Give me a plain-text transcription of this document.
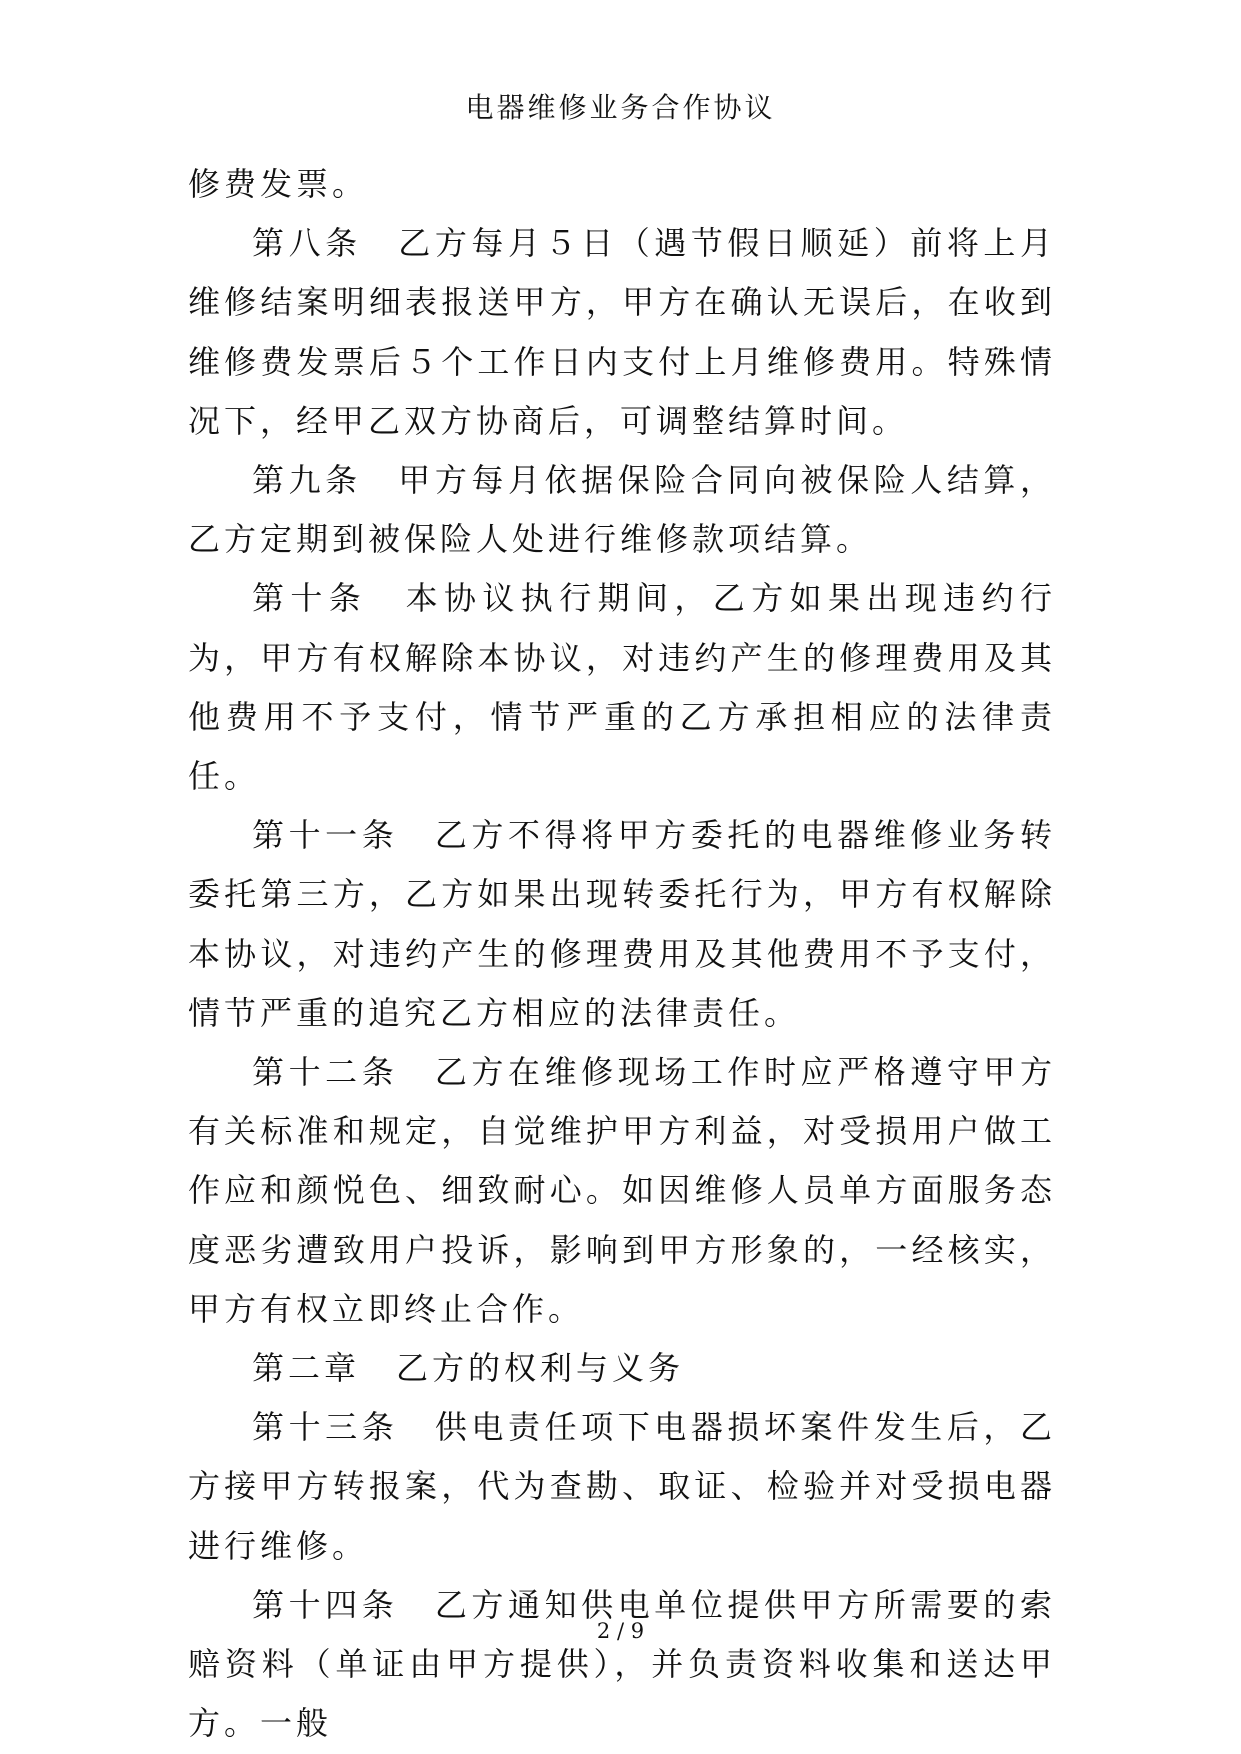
电器维修业务合作协议

修费发票。

第八条　乙方每月５日（遇节假日顺延）前将上月维修结案明细表报送甲方，甲方在确认无误后，在收到维修费发票后５个工作日内支付上月维修费用。特殊情况下，经甲乙双方协商后，可调整结算时间。

第九条　甲方每月依据保险合同向被保险人结算，乙方定期到被保险人处进行维修款项结算。

第十条　本协议执行期间，乙方如果出现违约行为，甲方有权解除本协议，对违约产生的修理费用及其他费用不予支付，情节严重的乙方承担相应的法律责任。

第十一条　乙方不得将甲方委托的电器维修业务转委托第三方，乙方如果出现转委托行为，甲方有权解除本协议，对违约产生的修理费用及其他费用不予支付，情节严重的追究乙方相应的法律责任。

第十二条　乙方在维修现场工作时应严格遵守甲方有关标准和规定，自觉维护甲方利益，对受损用户做工作应和颜悦色、细致耐心。如因维修人员单方面服务态度恶劣遭致用户投诉，影响到甲方形象的，一经核实，甲方有权立即终止合作。

第二章　乙方的权利与义务

第十三条　供电责任项下电器损坏案件发生后，乙方接甲方转报案，代为查勘、取证、检验并对受损电器进行维修。

第十四条　乙方通知供电单位提供甲方所需要的索赔资料（单证由甲方提供），并负责资料收集和送达甲方。一般

2 / 9
